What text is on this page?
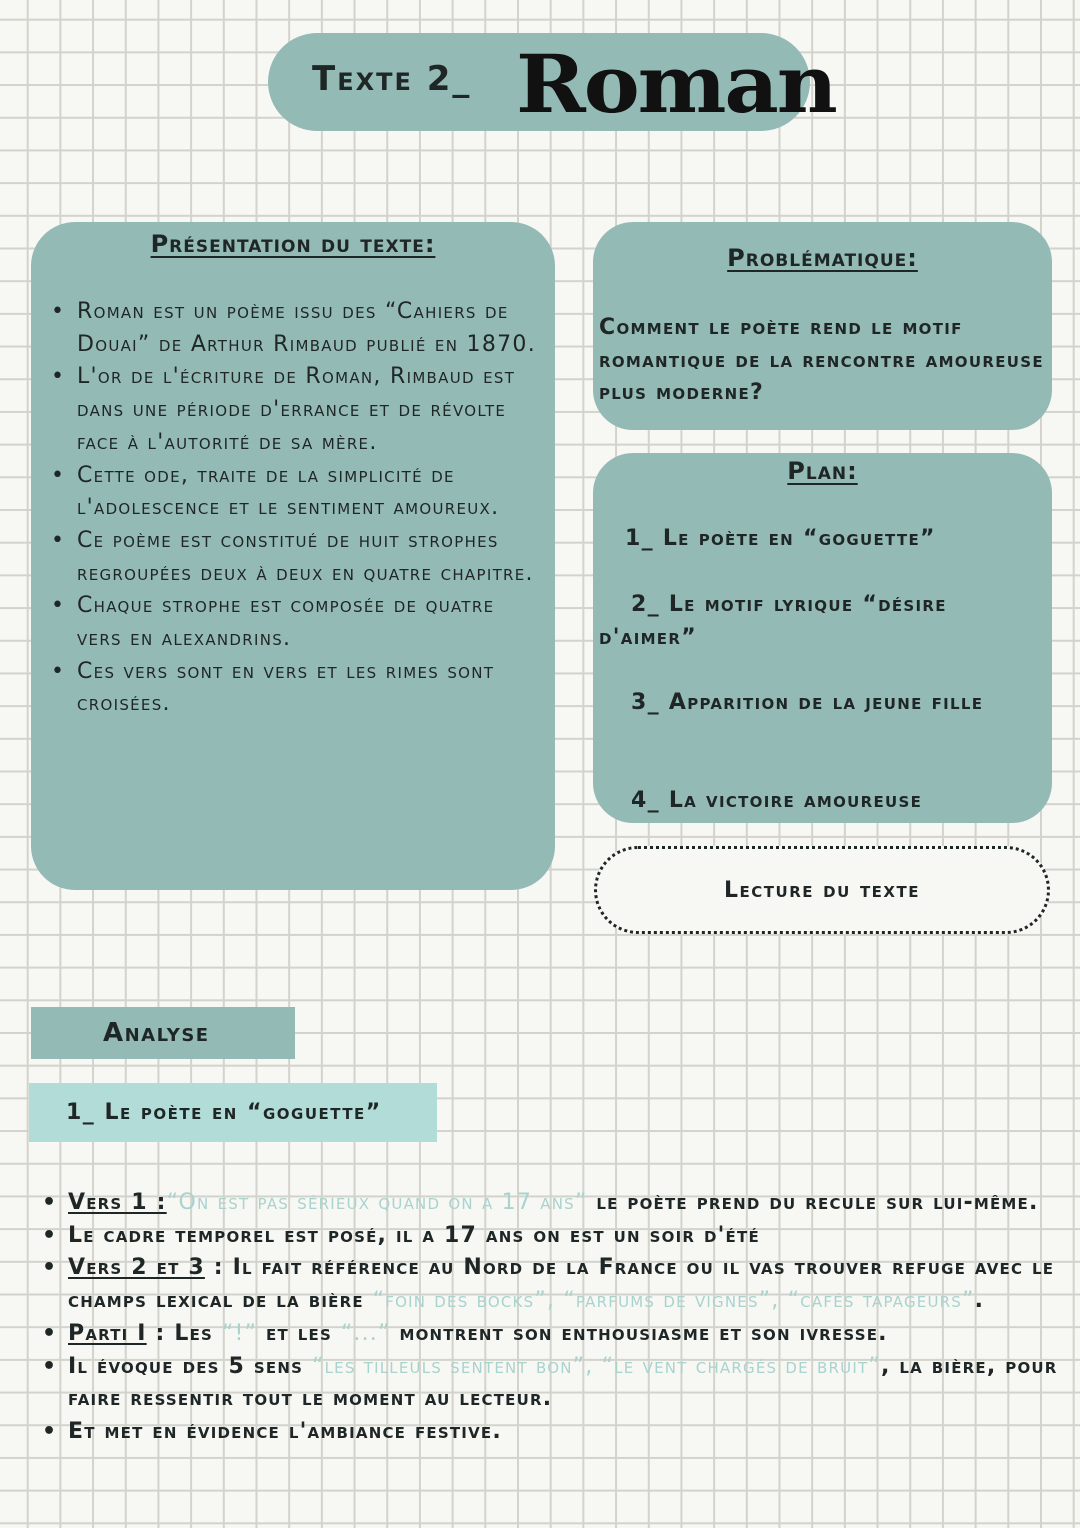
Texte 2_ Roman
Présentation du texte:
• Roman est un poème issu des “Cahiers de Douai” de Arthur Rimbaud publié en 1870.
• L'or de l'écriture de Roman, Rimbaud est dans une période d'errance et de révolte face à l'autorité de sa mère.
• Cette ode, traite de la simplicité de l'adolescence et le sentiment amoureux.
• Ce poème est constitué de huit strophes regroupées deux à deux en quatre chapitre.
• Chaque strophe est composée de quatre vers en alexandrins.
• Ces vers sont en vers et les rimes sont croisées.
Problématique:
Comment le poète rend le motif romantique de la rencontre amoureuse plus moderne?
Plan:
1_ Le poète en “goguette”
2_ Le motif lyrique “désire d'aimer”
3_ Apparition de la jeune fille
4_ La victoire amoureuse
Lecture du texte
Analyse
1_ Le poète en “goguette”
• Vers 1 :“On est pas sérieux quand on a 17 ans” le poète prend du recule sur lui-même.
• Le cadre temporel est posé, il a 17 ans on est un soir d'été
• Vers 2 et 3 : Il fait référence au Nord de la France ou il vas trouver refuge avec le champs lexical de la bière “foin des bocks”, “parfums de vignes”, “cafés tapageurs”.
• Parti I : Les “!” et les “...” montrent son enthousiasme et son ivresse.
• Il évoque des 5 sens “les tilleuls sentent bon”, “le vent chargés de bruit”, la bière, pour faire ressentir tout le moment au lecteur.
• Et met en évidence l'ambiance festive.
